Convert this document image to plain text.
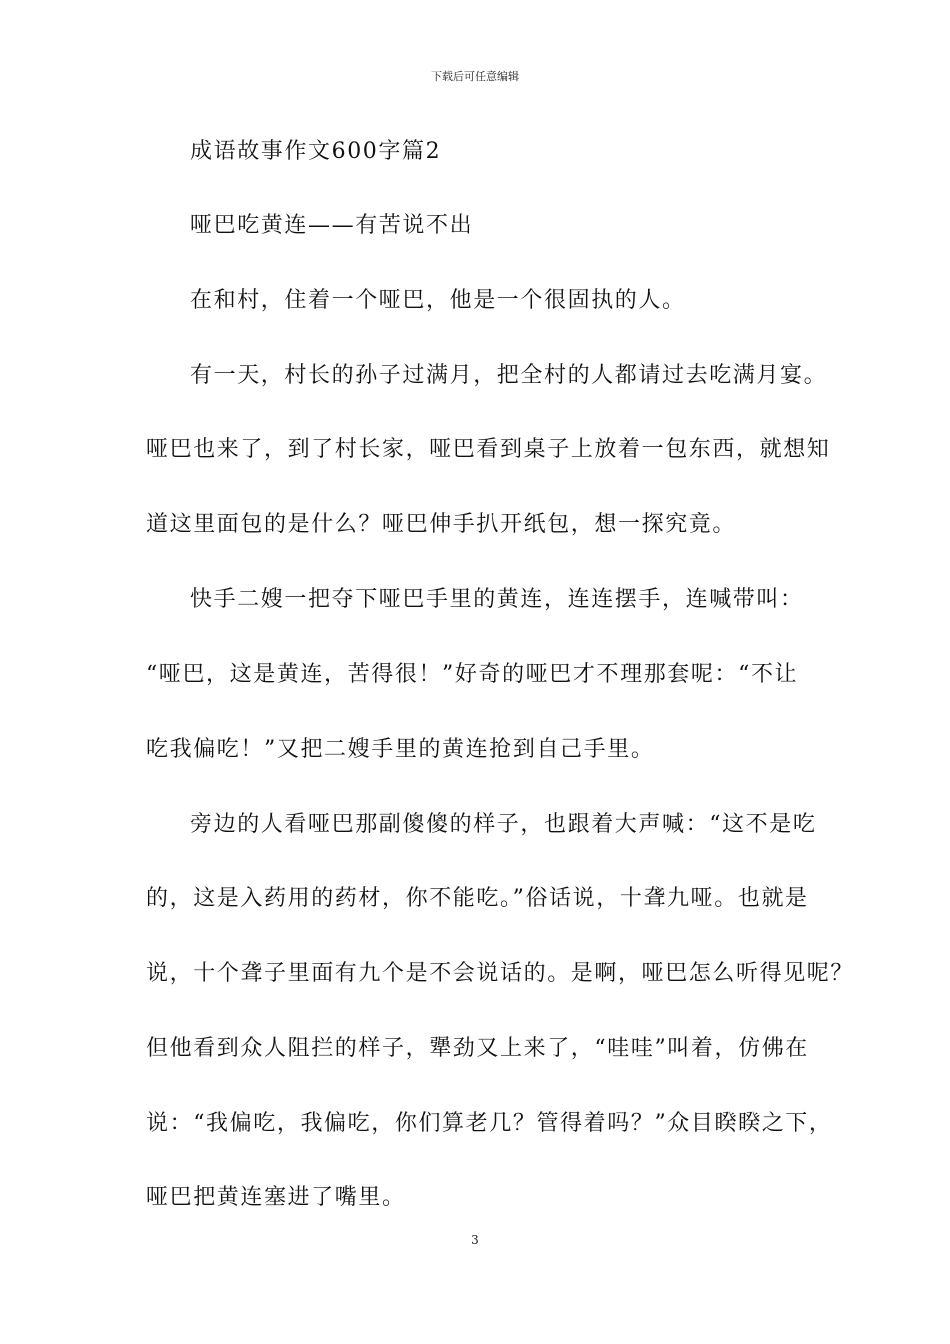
下载后可任意编辑
成语故事作文600字篇2
哑巴吃黄连——有苦说不出
在和村，住着一个哑巴，他是一个很固执的人。
有一天，村长的孙子过满月，把全村的人都请过去吃满月宴。
哑巴也来了，到了村长家，哑巴看到桌子上放着一包东西，就想知
道这里面包的是什么？哑巴伸手扒开纸包，想一探究竟。
快手二嫂一把夺下哑巴手里的黄连，连连摆手，连喊带叫：
“哑巴，这是黄连，苦得很！”好奇的哑巴才不理那套呢：“不让
吃我偏吃！”又把二嫂手里的黄连抢到自己手里。
旁边的人看哑巴那副傻傻的样子，也跟着大声喊：“这不是吃
的，这是入药用的药材，你不能吃。”俗话说，十聋九哑。也就是
说，十个聋子里面有九个是不会说话的。是啊，哑巴怎么听得见呢？
但他看到众人阻拦的样子，犟劲又上来了，“哇哇”叫着，仿佛在
说：“我偏吃，我偏吃，你们算老几？管得着吗？”众目睽睽之下，
哑巴把黄连塞进了嘴里。
3
